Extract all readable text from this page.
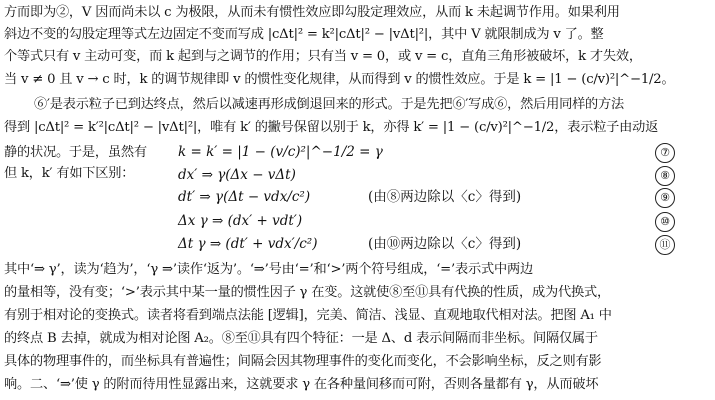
方而即为②，V 因而尚未以 c 为极限，从而未有惯性效应即勾股定理效应，从而 k 未起调节作用。如果利用
斜边不变的勾股定理等式左边固定不变而写成 |cΔt|² = k²|cΔt|² − |vΔt|²|，其中 V 就限制成为 v 了。整
个等式只有 v 主动可变，而 k 起到与之调节的作用；只有当 v = 0，或 v = c，直角三角形被破坏，k 才失效，
当 v ≠ 0 且 v → c 时，k 的调节规律即 v 的惯性变化规律，从而得到 v 的惯性效应。于是 k = |1 − (c/v)²|^−1/2。
⑥′是表示粒子已到达终点，然后以减速再形成倒退回来的形式。于是先把⑥′写成⑥，然后用同样的方法
得到 |cΔt|² = k′²|cΔt|² − |vΔt|²|，唯有 k′ 的撇号保留以别于 k，亦得 k′ = |1 − (c/v)²|^−1/2，表示粒子由动返
静的状况。于是，虽然有
但 k，k′ 有如下区别：
k = k′ = |1 − (v/c)²|^−1/2 = γ	⑦
dx′ ⇒ γ(Δx − vΔt)	⑧
dt′ ⇒ γ(Δt − vdx/c²)	(由⑧两边除以〈c〉得到)	⑨
Δx γ ⇒ (dx′ + vdt′)	⑩
Δt γ ⇒ (dt′ + vdx′/c²)	(由⑩两边除以〈c〉得到)	⑪
其中‘⇒ γ’，读为‘趋为’，‘γ ⇒’读作‘返为’。‘⇒’号由‘=’和‘>’两个符号组成，‘=’表示式中两边
的量相等，没有变；‘>’表示其中某一量的惯性因子 γ 在变。这就使⑧至⑪具有代换的性质，成为代换式，
有别于相对论的变换式。读者将看到端点法能 [逻辑]，完美、简洁、浅显、直观地取代相对法。把图 A₁ 中
的终点 B 去掉，就成为相对论图 A₂。⑧至⑪具有四个特征：一是 Δ、d 表示间隔而非坐标。间隔仅属于
具体的物理事件的，而坐标具有普遍性；间隔会因其物理事件的变化而变化，不会影响坐标，反之则有影
响。二、‘⇒’使 γ 的附而待用性显露出来，这就要求 γ 在各种量间移而可附，否则各量都有 γ，从而破坏
